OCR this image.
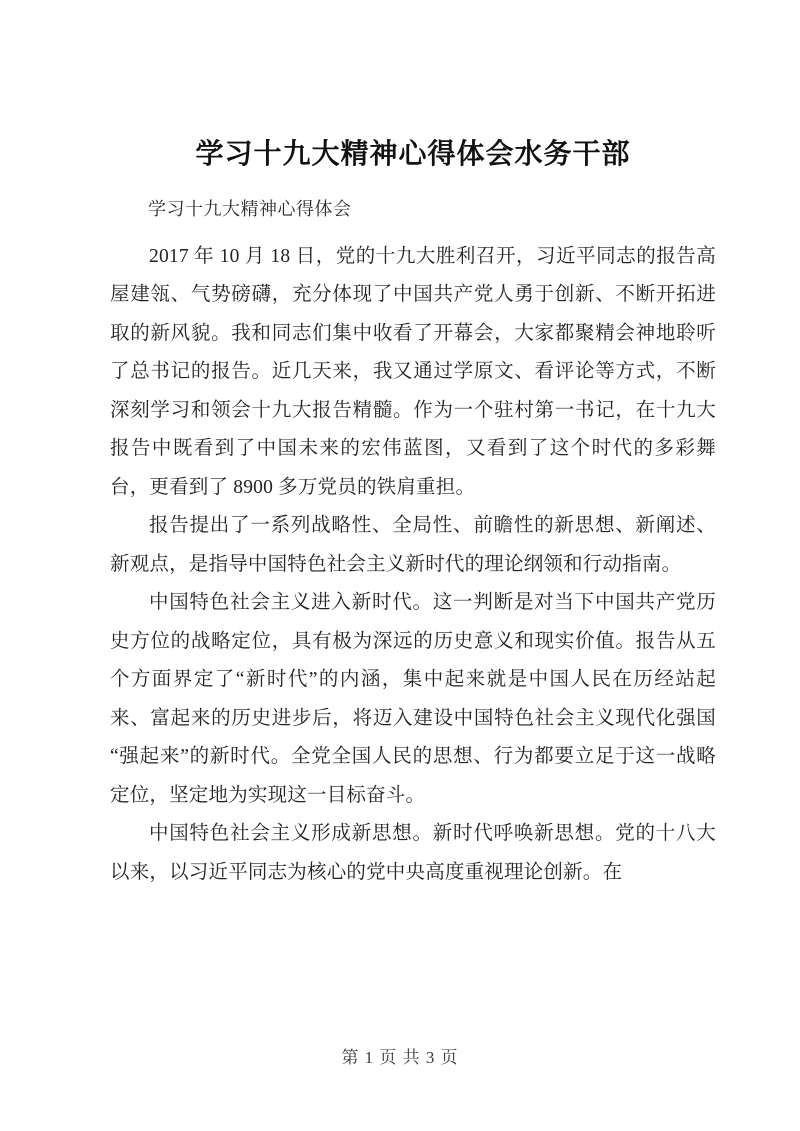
学习十九大精神心得体会水务干部
学习十九大精神心得体会

2017 年 10 月 18 日，党的十九大胜利召开，习近平同志的报告高屋建瓴、气势磅礴，充分体现了中国共产党人勇于创新、不断开拓进取的新风貌。我和同志们集中收看了开幕会，大家都聚精会神地聆听了总书记的报告。近几天来，我又通过学原文、看评论等方式，不断深刻学习和领会十九大报告精髓。作为一个驻村第一书记，在十九大报告中既看到了中国未来的宏伟蓝图，又看到了这个时代的多彩舞台，更看到了 8900 多万党员的铁肩重担。

报告提出了一系列战略性、全局性、前瞻性的新思想、新阐述、新观点，是指导中国特色社会主义新时代的理论纲领和行动指南。

中国特色社会主义进入新时代。这一判断是对当下中国共产党历史方位的战略定位，具有极为深远的历史意义和现实价值。报告从五个方面界定了“新时代”的内涵，集中起来就是中国人民在历经站起来、富起来的历史进步后，将迈入建设中国特色社会主义现代化强国“强起来”的新时代。全党全国人民的思想、行为都要立足于这一战略定位，坚定地为实现这一目标奋斗。

中国特色社会主义形成新思想。新时代呼唤新思想。党的十八大以来，以习近平同志为核心的党中央高度重视理论创新。在

第 1 页 共 3 页
